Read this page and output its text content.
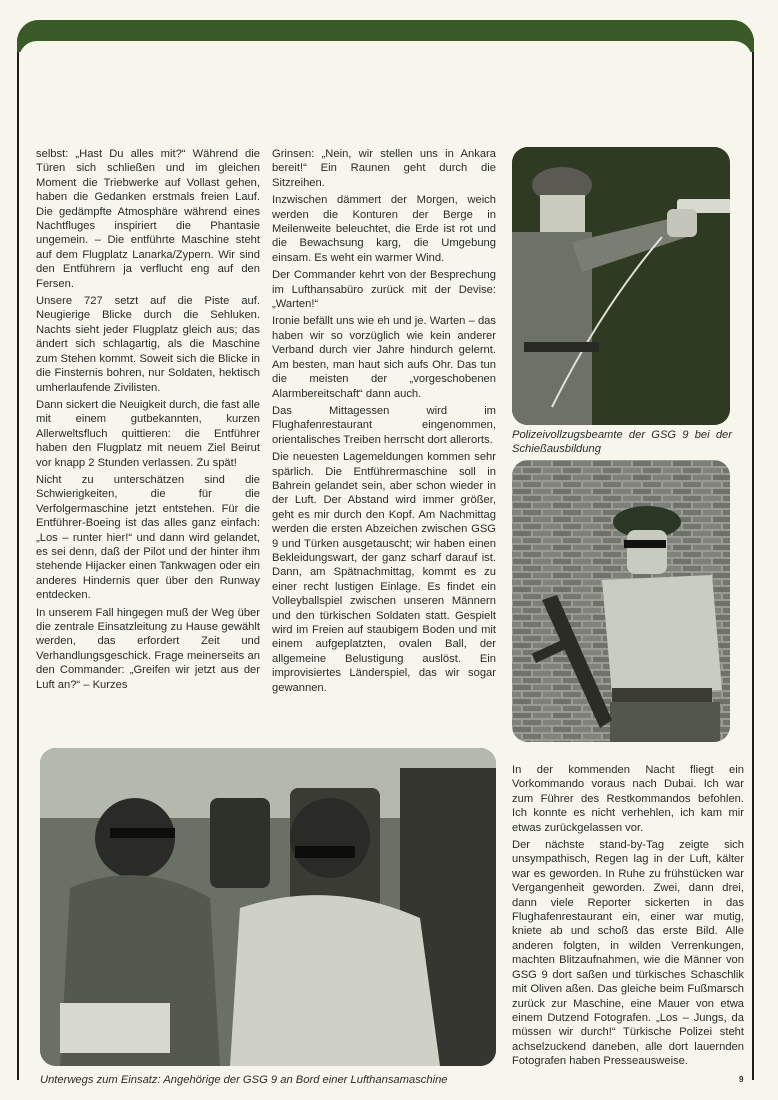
selbst: „Hast Du alles mit?“ Während die Türen sich schließen und im gleichen Moment die Triebwerke auf Vollast gehen, haben die Gedanken erstmals freien Lauf. Die gedämpfte Atmosphäre während eines Nachtfluges inspiriert die Phantasie ungemein. – Die entführte Maschine steht auf dem Flugplatz Lanarka/Zypern. Wir sind den Entführern ja verflucht eng auf den Fersen.

Unsere 727 setzt auf die Piste auf. Neugierige Blicke durch die Sehluken. Nachts sieht jeder Flugplatz gleich aus; das ändert sich schlagartig, als die Maschine zum Stehen kommt. Soweit sich die Blicke in die Finsternis bohren, nur Soldaten, hektisch umherlaufende Zivilisten.

Dann sickert die Neuigkeit durch, die fast alle mit einem gutbekannten, kurzen Allerweltsfluch quittieren: die Entführer haben den Flugplatz mit neuem Ziel Beirut vor knapp 2 Stunden verlassen. Zu spät!

Nicht zu unterschätzen sind die Schwierigkeiten, die für die Verfolgermaschine jetzt entstehen. Für die Entführer-Boeing ist das alles ganz einfach: „Los – runter hier!“ und dann wird gelandet, es sei denn, daß der Pilot und der hinter ihm stehende Hijacker einen Tankwagen oder ein anderes Hindernis quer über den Runway entdecken.

In unserem Fall hingegen muß der Weg über die zentrale Einsatzleitung zu Hause gewählt werden, das erfordert Zeit und Verhandlungsgeschick. Frage meinerseits an den Commander: „Greifen wir jetzt aus der Luft an?“ – Kurzes

Grinsen: „Nein, wir stellen uns in Ankara bereit!“ Ein Raunen geht durch die Sitzreihen.

Inzwischen dämmert der Morgen, weich werden die Konturen der Berge in Meilenweite beleuchtet, die Erde ist rot und die Bewachsung karg, die Umgebung einsam. Es weht ein warmer Wind.

Der Commander kehrt von der Besprechung im Lufthansabüro zurück mit der Devise: „Warten!“

Ironie befällt uns wie eh und je. Warten – das haben wir so vorzüglich wie kein anderer Verband durch vier Jahre hindurch gelernt. Am besten, man haut sich aufs Ohr. Das tun die meisten der „vorgeschobenen Alarmbereitschaft“ dann auch.

Das Mittagessen wird im Flughafenrestaurant eingenommen, orientalisches Treiben herrscht dort allerorts.

Die neuesten Lagemeldungen kommen sehr spärlich. Die Entführermaschine soll in Bahrein gelandet sein, aber schon wieder in der Luft. Der Abstand wird immer größer, geht es mir durch den Kopf. Am Nachmittag werden die ersten Abzeichen zwischen GSG 9 und Türken ausgetauscht; wir haben einen Bekleidungswart, der ganz scharf darauf ist. Dann, am Spätnachmittag, kommt es zu einer recht lustigen Einlage. Es findet ein Volleyballspiel zwischen unseren Männern und den türkischen Soldaten statt. Gespielt wird im Freien auf staubigem Boden und mit einem aufgeplatzten, ovalen Ball, der allgemeine Belustigung auslöst. Ein improvisiertes Länderspiel, das wir sogar gewannen.

Polizeivollzugsbeamte der GSG 9 bei der Schießausbildung
Unterwegs zum Einsatz: Angehörige der GSG 9 an Bord einer Lufthansamaschine

In der kommenden Nacht fliegt ein Vorkommando voraus nach Dubai. Ich war zum Führer des Restkommandos befohlen. Ich konnte es nicht verhehlen, ich kam mir etwas zurückgelassen vor.

Der nächste stand-by-Tag zeigte sich unsympathisch, Regen lag in der Luft, kälter war es geworden. In Ruhe zu frühstücken war Vergangenheit geworden. Zwei, dann drei, dann viele Reporter sickerten in das Flughafenrestaurant ein, einer war mutig, kniete ab und schoß das erste Bild. Alle anderen folgten, in wilden Verrenkungen, machten Blitzaufnahmen, wie die Männer von GSG 9 dort saßen und türkisches Schaschlik mit Oliven aßen. Das gleiche beim Fußmarsch zurück zur Maschine, eine Mauer von etwa einem Dutzend Fotografen. „Los – Jungs, da müssen wir durch!“ Türkische Polizei steht achselzuckend daneben, alle dort lauernden Fotografen haben Presseausweise.

9
